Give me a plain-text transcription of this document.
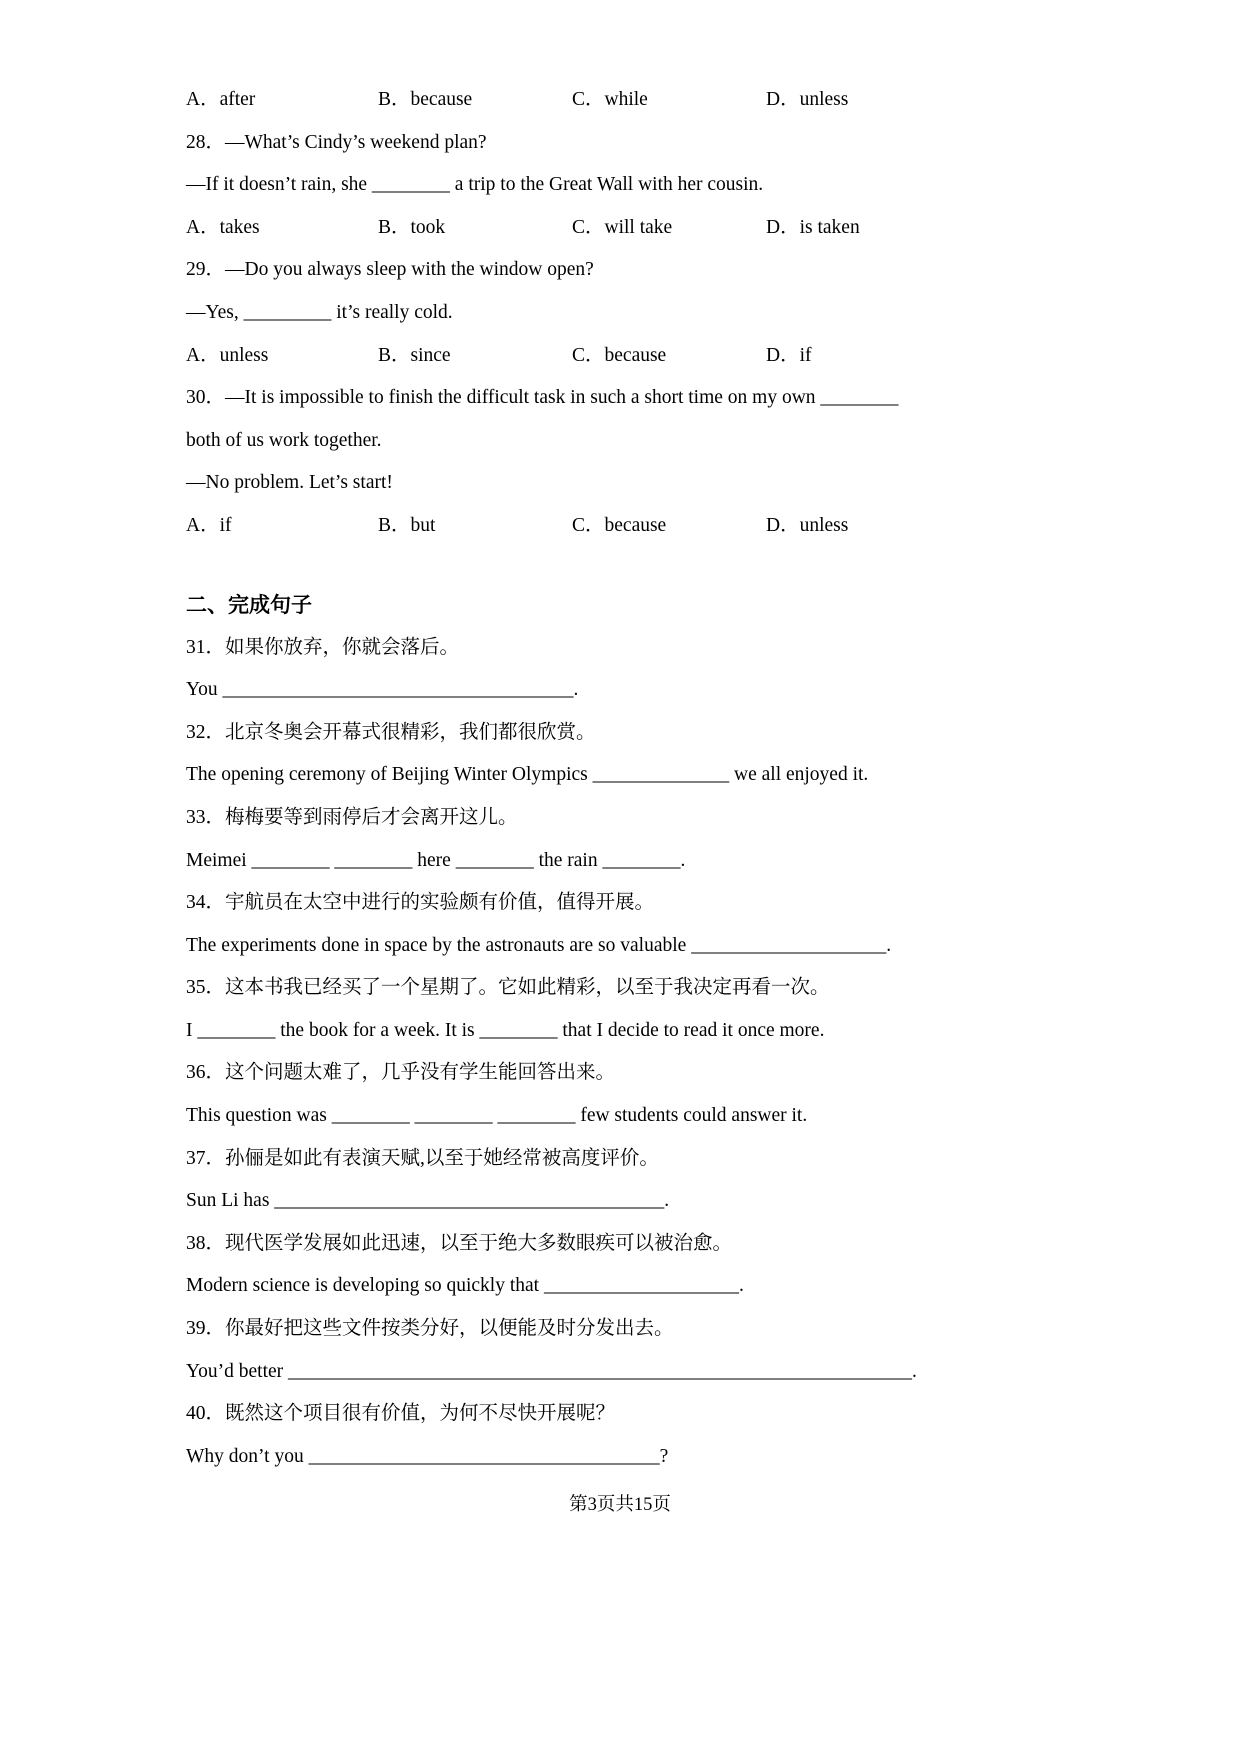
A．after	B．because	C．while	D．unless
28．—What’s Cindy’s weekend plan?
—If it doesn’t rain, she ________ a trip to the Great Wall with her cousin.
A．takes	B．took	C．will take	D．is taken
29．—Do you always sleep with the window open?
—Yes, _________ it’s really cold.
A．unless	B．since	C．because	D．if
30．—It is impossible to finish the difficult task in such a short time on my own ________
both of us work together.
—No problem. Let’s start!
A．if	B．but	C．because	D．unless
二、完成句子
31．如果你放弃，你就会落后。
You ____________________________________.
32．北京冬奥会开幕式很精彩，我们都很欣赏。
The opening ceremony of Beijing Winter Olympics ______________ we all enjoyed it.
33．梅梅要等到雨停后才会离开这儿。
Meimei ________ ________ here ________ the rain ________.
34．宇航员在太空中进行的实验颇有价值，值得开展。
The experiments done in space by the astronauts are so valuable ____________________.
35．这本书我已经买了一个星期了。它如此精彩，以至于我决定再看一次。
I ________ the book for a week. It is ________ that I decide to read it once more.
36．这个问题太难了，几乎没有学生能回答出来。
This question was ________ ________ ________ few students could answer it.
37．孙俪是如此有表演天赋,以至于她经常被高度评价。
Sun Li has ________________________________________.
38．现代医学发展如此迅速，以至于绝大多数眼疾可以被治愈。
Modern science is developing so quickly that ____________________.
39．你最好把这些文件按类分好，以便能及时分发出去。
You’d better ________________________________________________________________.
40．既然这个项目很有价值，为何不尽快开展呢？
Why don’t you ____________________________________?
第3页共15页
